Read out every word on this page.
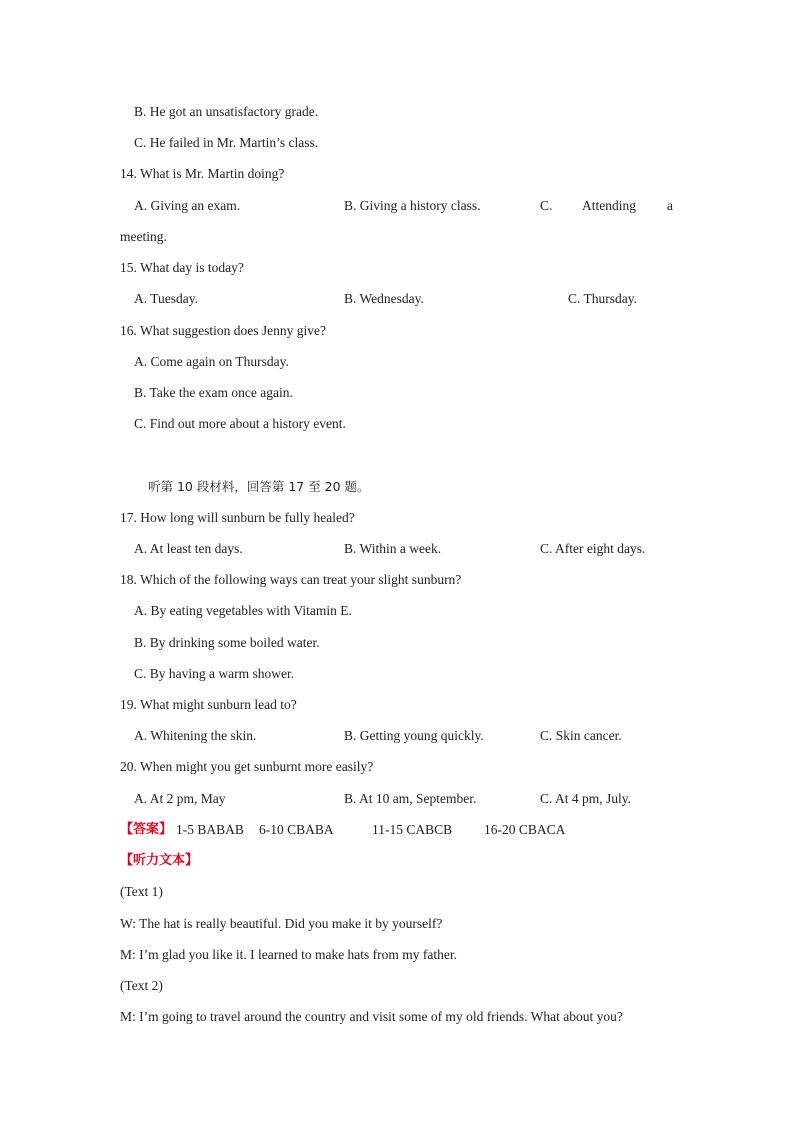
B. He got an unsatisfactory grade.
C. He failed in Mr. Martin’s class.
14. What is Mr. Martin doing?
A. Giving an exam.	B. Giving a history class.	C. Attending a
meeting.
15. What day is today?
A. Tuesday.	B. Wednesday.	C. Thursday.
16. What suggestion does Jenny give?
A. Come again on Thursday.
B. Take the exam once again.
C. Find out more about a history event.
听第 10 段材料，回答第 17 至 20 题。
17. How long will sunburn be fully healed?
A. At least ten days.	B. Within a week.	C. After eight days.
18. Which of the following ways can treat your slight sunburn?
A. By eating vegetables with Vitamin E.
B. By drinking some boiled water.
C. By having a warm shower.
19. What might sunburn lead to?
A. Whitening the skin.	B. Getting young quickly.	C. Skin cancer.
20. When might you get sunburnt more easily?
A. At 2 pm, May	B. At 10 am, September.	C. At 4 pm, July.
【答案】 1-5 BABAB 6-10 CBABA	11-15 CABCB 16-20 CBACA
【听力文本】
(Text 1)
W: The hat is really beautiful. Did you make it by yourself?
M: I’m glad you like it. I learned to make hats from my father.
(Text 2)
M: I’m going to travel around the country and visit some of my old friends. What about you?
